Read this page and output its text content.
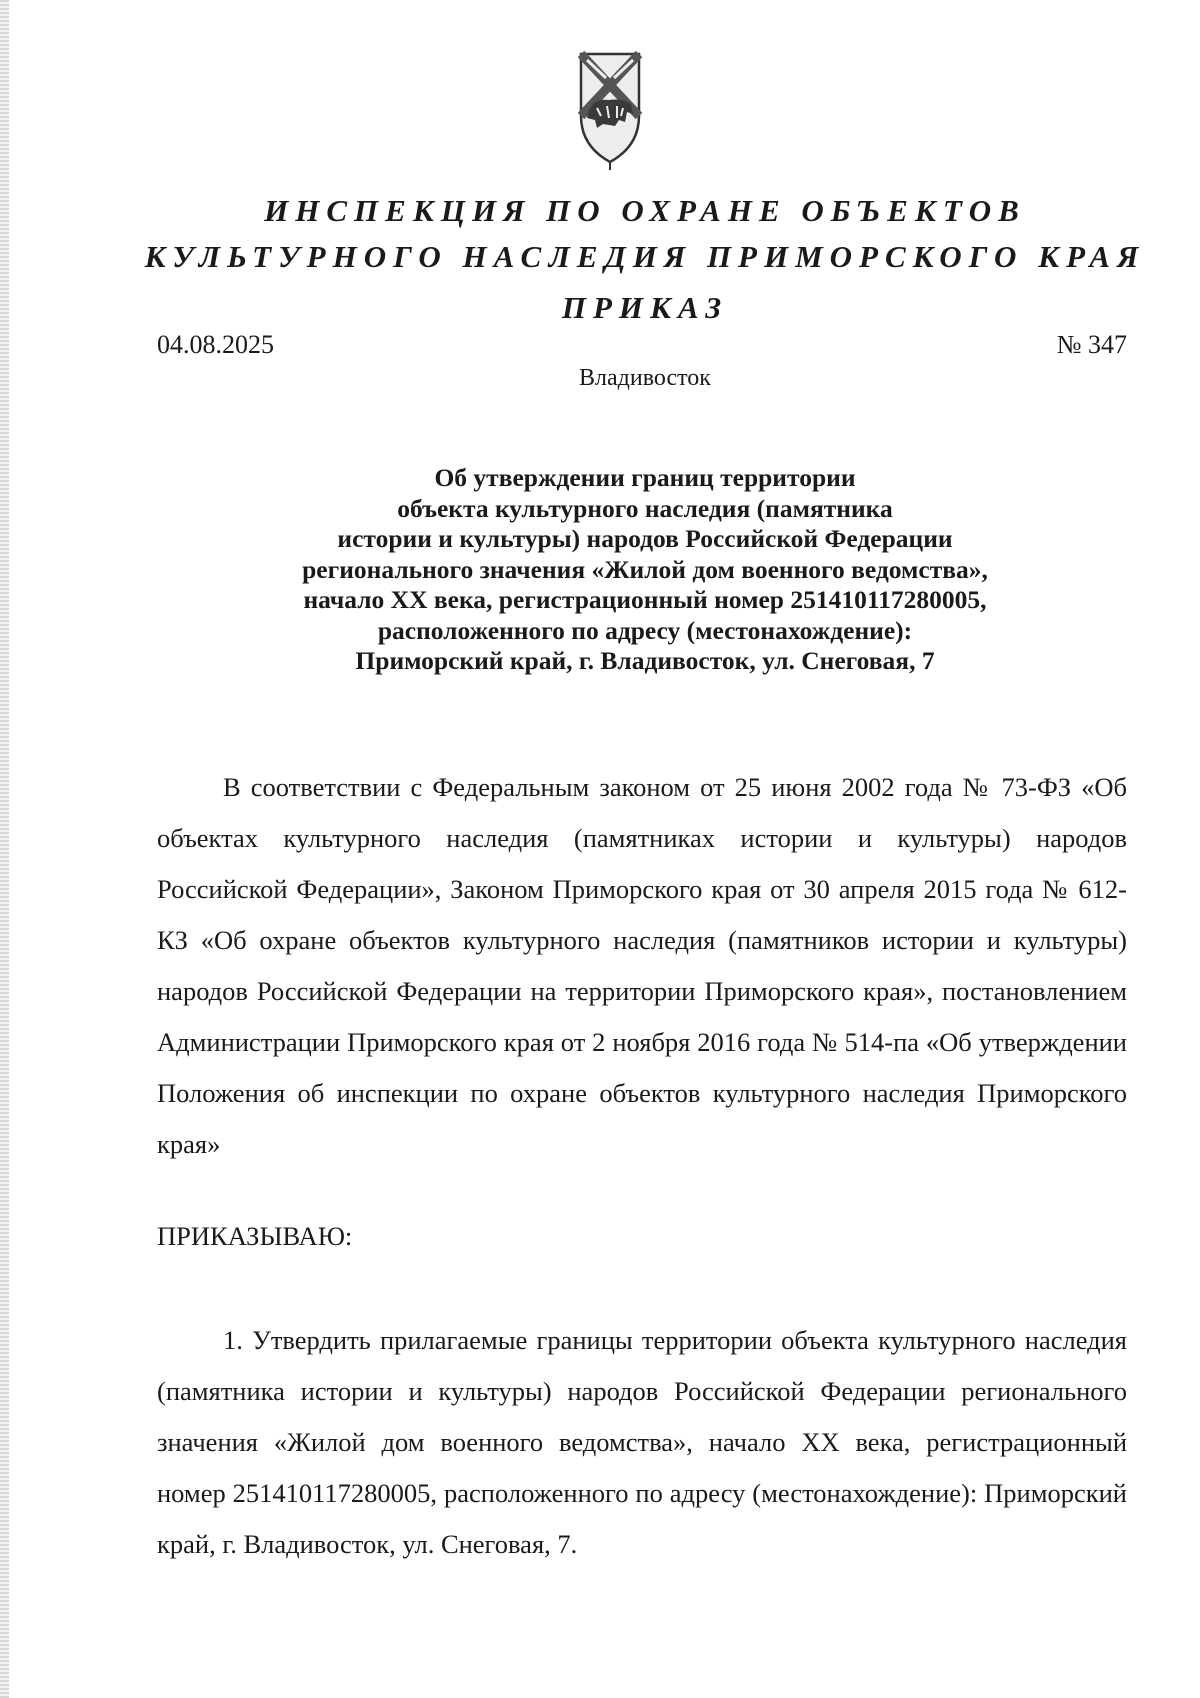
ИНСПЕКЦИЯ ПО ОХРАНЕ ОБЪЕКТОВ
КУЛЬТУРНОГО НАСЛЕДИЯ ПРИМОРСКОГО КРАЯ
ПРИКАЗ
04.08.2025	№ 347
Владивосток
Об утверждении границ территории
объекта культурного наследия (памятника
истории и культуры) народов Российской Федерации
регионального значения «Жилой дом военного ведомства»,
начало XX века, регистрационный номер 251410117280005,
расположенного по адресу (местонахождение):
Приморский край, г. Владивосток, ул. Снеговая, 7
В соответствии с Федеральным законом от 25 июня 2002 года № 73-ФЗ «Об объектах культурного наследия (памятниках истории и культуры) народов Российской Федерации», Законом Приморского края от 30 апреля 2015 года № 612-КЗ «Об охране объектов культурного наследия (памятников истории и культуры) народов Российской Федерации на территории Приморского края», постановлением Администрации Приморского края от 2 ноября 2016 года № 514-па «Об утверждении Положения об инспекции по охране объектов культурного наследия Приморского края»
ПРИКАЗЫВАЮ:
1. Утвердить прилагаемые границы территории объекта культурного наследия (памятника истории и культуры) народов Российской Федерации регионального значения «Жилой дом военного ведомства», начало XX века, регистрационный номер 251410117280005, расположенного по адресу (местонахождение): Приморский край, г. Владивосток, ул. Снеговая, 7.
